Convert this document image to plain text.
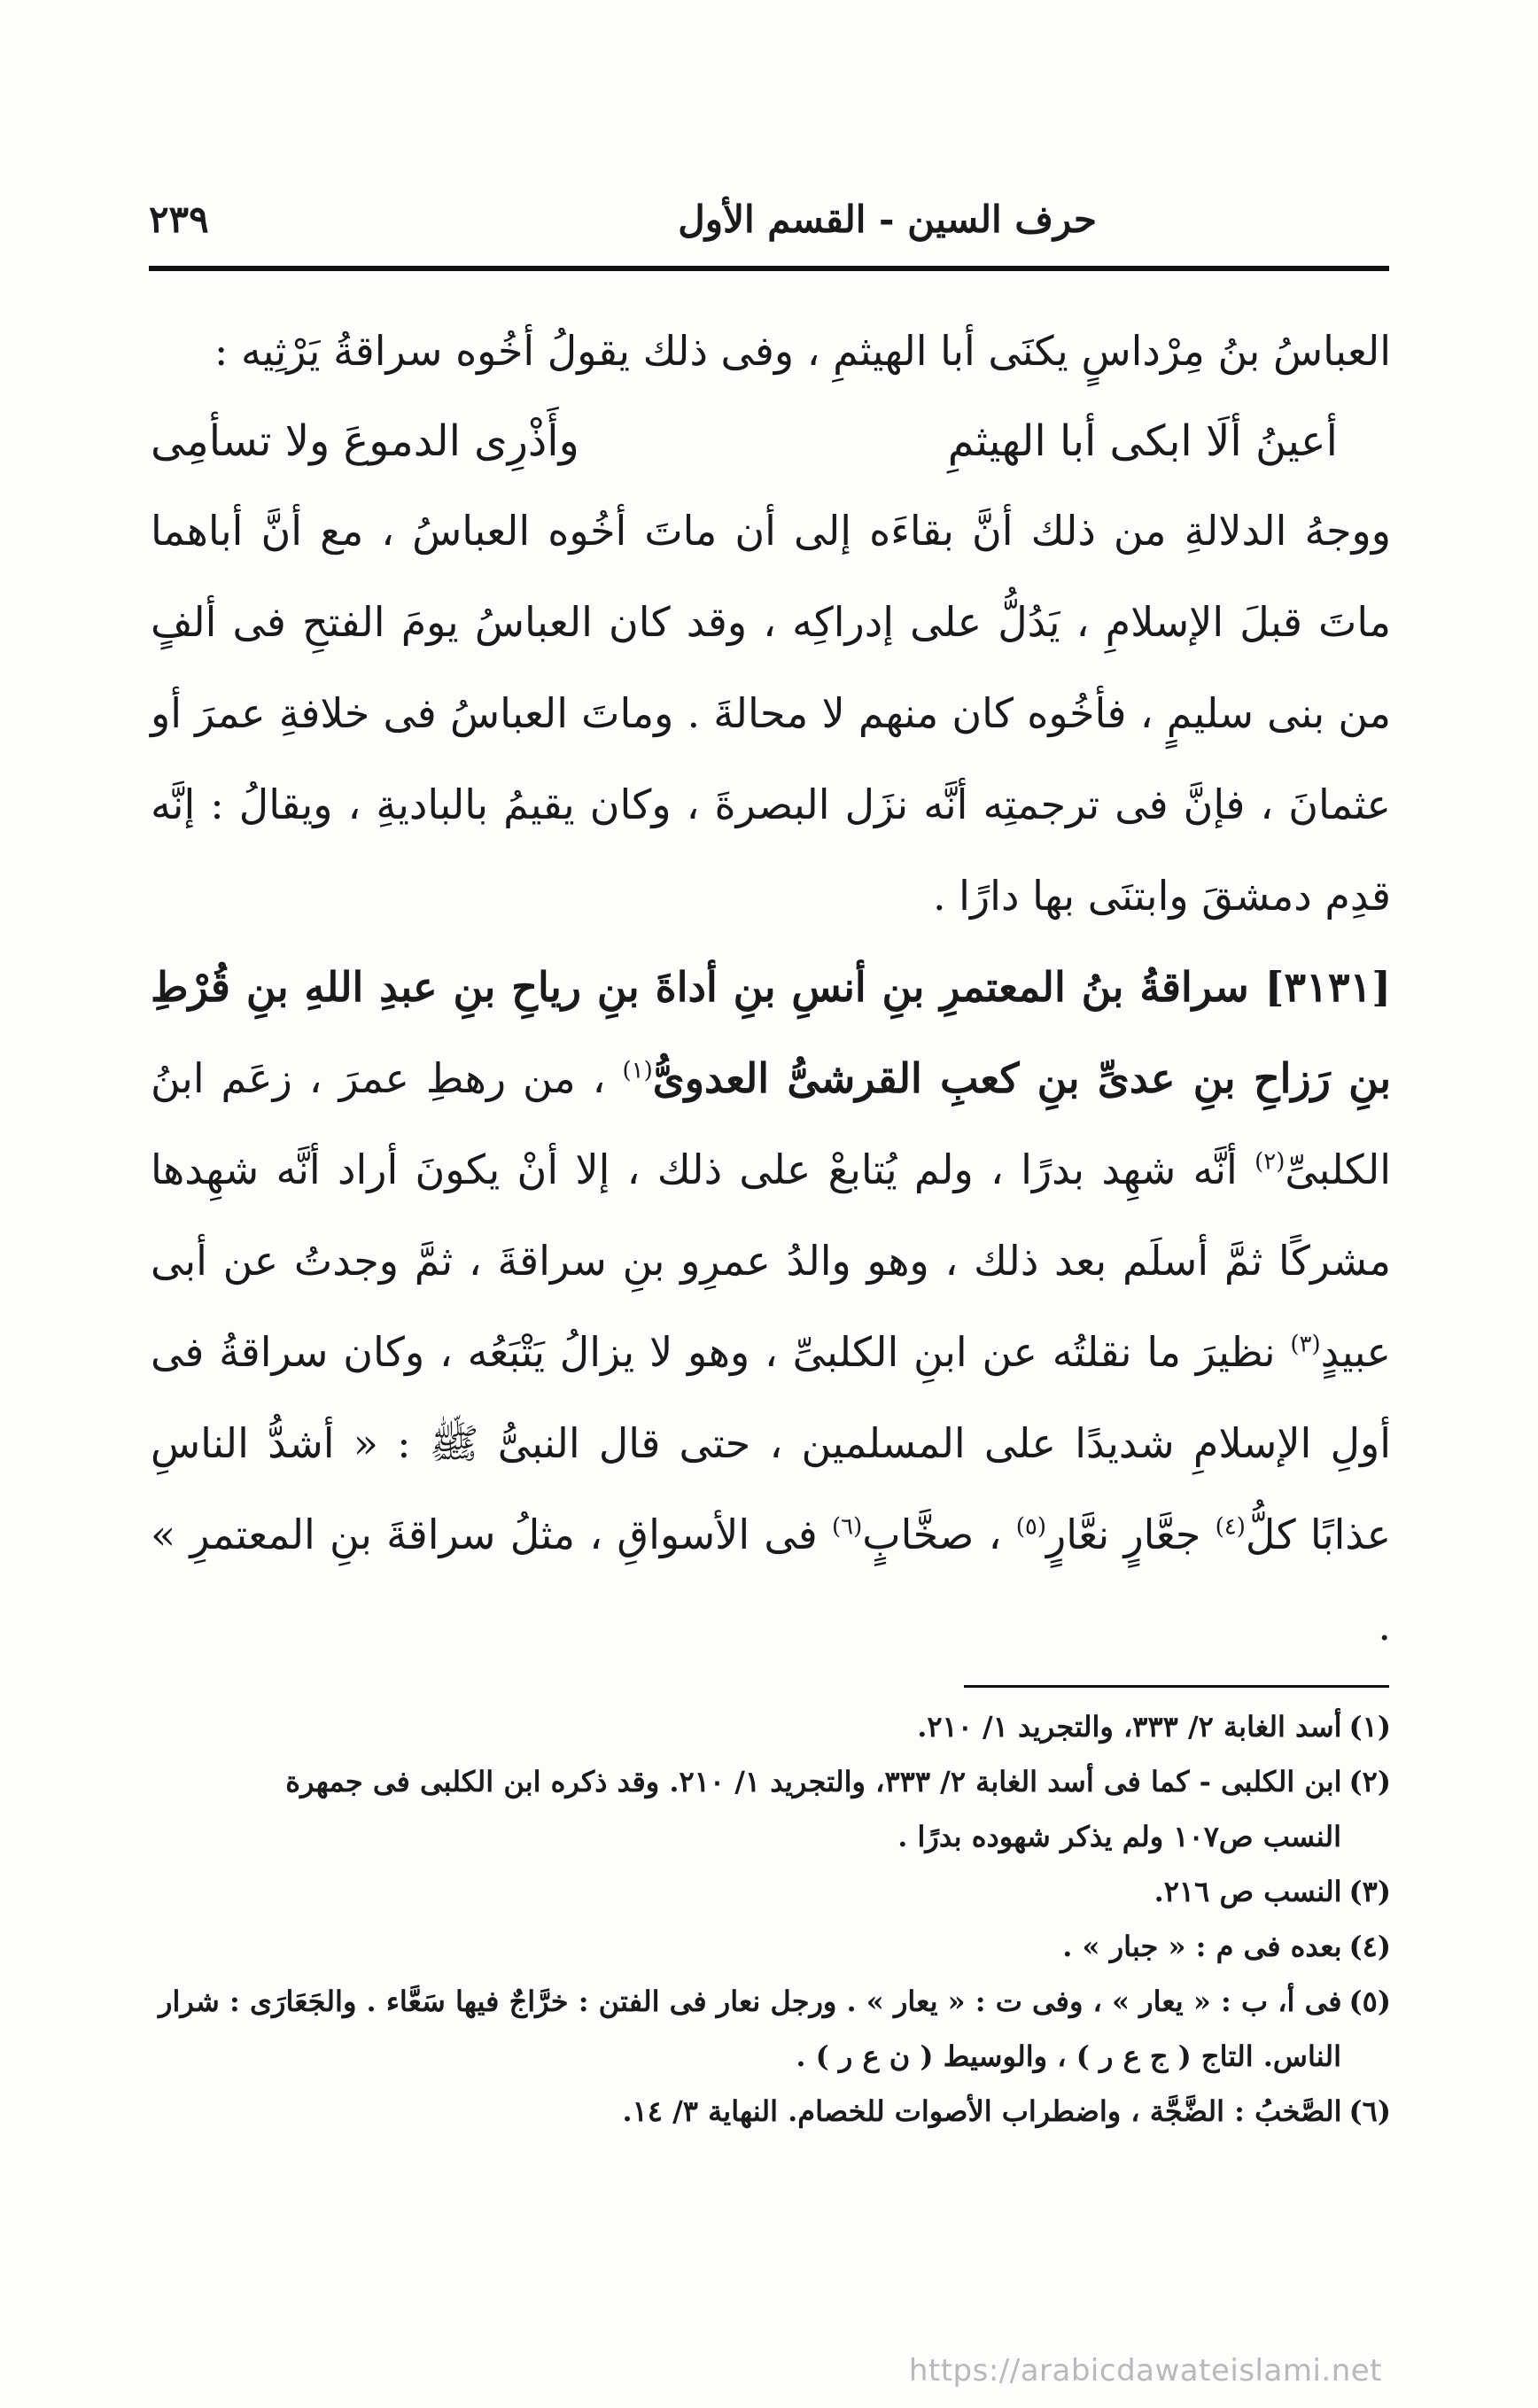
حرف السين - القسم الأول
٢٣٩

العباسُ بنُ مِرْداسٍ يكنَى أبا الهيثمِ ، وفى ذلك يقولُ أخُوه سراقةُ يَرْثِيه :

أعينُ ألَا ابكى أبا الهيثمِ
وأَذْرِى الدموعَ ولا تسأمِى

ووجهُ الدلالةِ من ذلك أنَّ بقاءَه إلى أن ماتَ أخُوه العباسُ ، مع أنَّ أباهما ماتَ قبلَ الإسلامِ ، يَدُلُّ على إدراكِه ، وقد كان العباسُ يومَ الفتحِ فى ألفٍ من بنى سليمٍ ، فأخُوه كان منهم لا محالةَ . وماتَ العباسُ فى خلافةِ عمرَ أو عثمانَ ، فإنَّ فى ترجمتِه أنَّه نزَل البصرةَ ، وكان يقيمُ بالباديةِ ، ويقالُ : إنَّه قدِم دمشقَ وابتنَى بها دارًا .

[٣١٣١] سراقةُ بنُ المعتمرِ بنِ أنسِ بنِ أداةَ بنِ رياحِ بنِ عبدِ اللهِ بنِ قُرْطِ بنِ رَزاحِ بنِ عدىِّ بنِ كعبِ القرشىُّ العدوىُّ$^{(١)}$ ، من رهطِ عمرَ ، زعَم ابنُ الكلبىِّ$^{(٢)}$ أنَّه شهِد بدرًا ، ولم يُتابعْ على ذلك ، إلا أنْ يكونَ أراد أنَّه شهِدها مشركًا ثمَّ أسلَم بعد ذلك ، وهو والدُ عمرِو بنِ سراقةَ ، ثمَّ وجدتُ عن أبى عبيدٍ$^{(٣)}$ نظيرَ ما نقلتُه عن ابنِ الكلبىِّ ، وهو لا يزالُ يَتْبَعُه ، وكان سراقةُ فى أولِ الإسلامِ شديدًا على المسلمين ، حتى قال النبىُّ ﷺ : « أشدُّ الناسِ عذابًا كلُّ$^{(٤)}$ جعَّارٍ نعَّارٍ$^{(٥)}$ ، صخَّابٍ$^{(٦)}$ فى الأسواقِ ، مثلُ سراقةَ بنِ المعتمرِ » .

(١)أسد الغابة ٢/ ٣٣٣، والتجريد ١/ ٢١٠.

(٢)ابن الكلبى - كما فى أسد الغابة ٢/ ٣٣٣، والتجريد ١/ ٢١٠. وقد ذكره ابن الكلبى فى جمهرة

النسب ص١٠٧ ولم يذكر شهوده بدرًا .

(٣)النسب ص ٢١٦.

(٤)بعده فى م : « جبار » .

(٥)فى أ، ب : « يعار » ، وفى ت : « يعار » . ورجل نعار فى الفتن : خرَّاجٌ فيها سَعَّاء . والجَعَارَى : شرار

الناس. التاج ( ج ع ر ) ، والوسيط ( ن ع ر ) .

(٦)الصَّخبُ : الضَّجَّة ، واضطراب الأصوات للخصام. النهاية ٣/ ١٤.

https://arabicdawateislami.net
